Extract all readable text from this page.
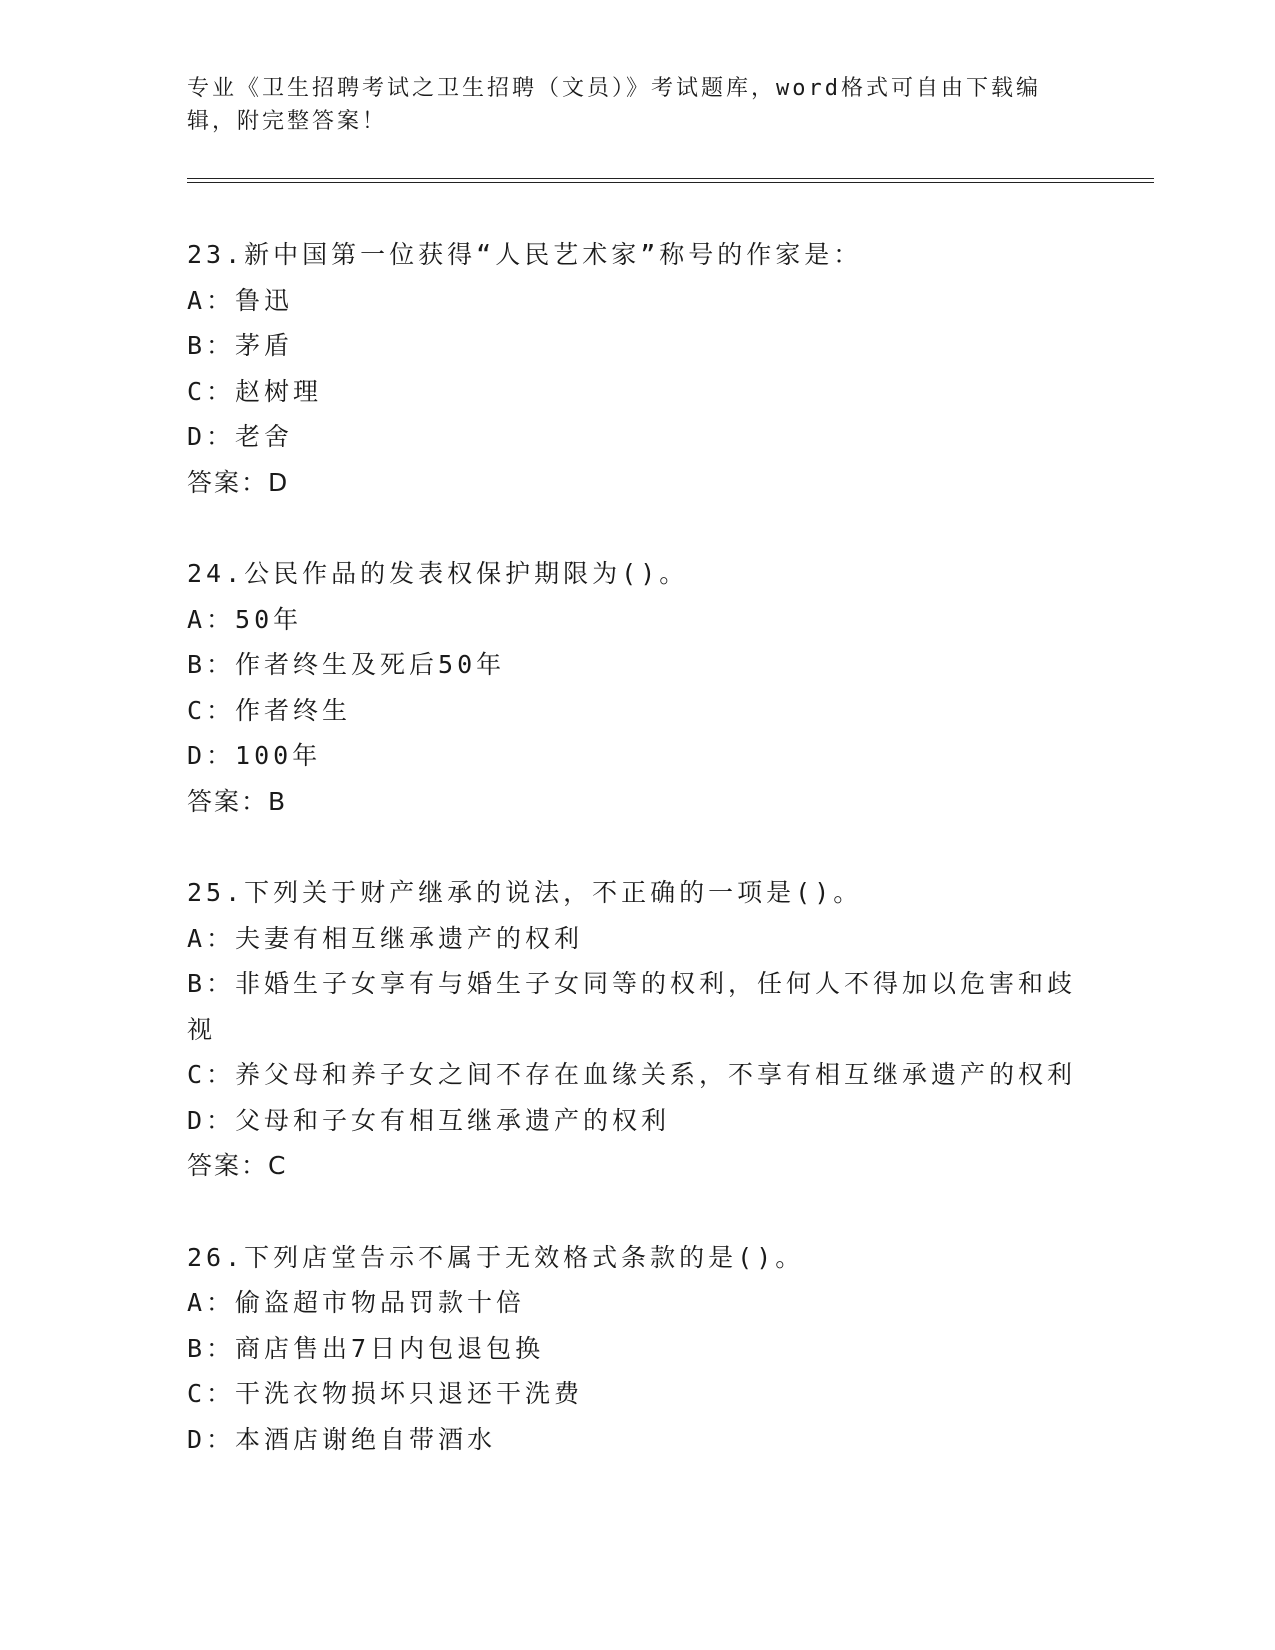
专业《卫生招聘考试之卫生招聘（文员）》考试题库，word格式可自由下载编辑，附完整答案！
23.新中国第一位获得“人民艺术家”称号的作家是：
A：鲁迅
B：茅盾
C：赵树理
D：老舍
答案：D
24.公民作品的发表权保护期限为()。
A：50年
B：作者终生及死后50年
C：作者终生
D：100年
答案：B
25.下列关于财产继承的说法，不正确的一项是()。
A：夫妻有相互继承遗产的权利
B：非婚生子女享有与婚生子女同等的权利，任何人不得加以危害和歧视
C：养父母和养子女之间不存在血缘关系，不享有相互继承遗产的权利
D：父母和子女有相互继承遗产的权利
答案：C
26.下列店堂告示不属于无效格式条款的是()。
A：偷盗超市物品罚款十倍
B：商店售出7日内包退包换
C：干洗衣物损坏只退还干洗费
D：本酒店谢绝自带酒水
